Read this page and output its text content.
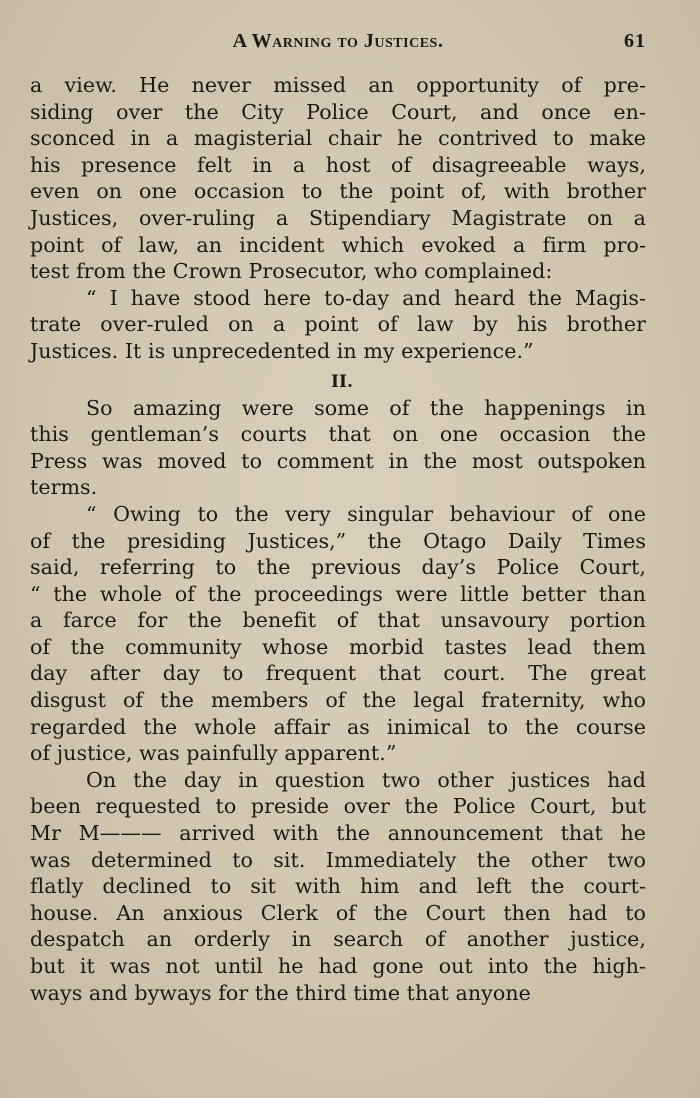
A Warning to Justices.	61
a view. He never missed an opportunity of pre-
siding over the City Police Court, and once en-
sconced in a magisterial chair he contrived to make
his presence felt in a host of disagreeable ways,
even on one occasion to the point of, with brother
Justices, over-ruling a Stipendiary Magistrate on a
point of law, an incident which evoked a firm pro-
test from the Crown Prosecutor, who complained:
“ I have stood here to-day and heard the Magis-
trate over-ruled on a point of law by his brother
Justices. It is unprecedented in my experience.”
II.
So amazing were some of the happenings in
this gentleman’s courts that on one occasion the
Press was moved to comment in the most outspoken
terms.
“ Owing to the very singular behaviour of one
of the presiding Justices,” the Otago Daily Times
said, referring to the previous day’s Police Court,
“ the whole of the proceedings were little better than
a farce for the benefit of that unsavoury portion
of the community whose morbid tastes lead them
day after day to frequent that court. The great
disgust of the members of the legal fraternity, who
regarded the whole affair as inimical to the course
of justice, was painfully apparent.”
On the day in question two other justices had
been requested to preside over the Police Court, but
Mr M——— arrived with the announcement that he
was determined to sit. Immediately the other two
flatly declined to sit with him and left the court-
house. An anxious Clerk of the Court then had to
despatch an orderly in search of another justice,
but it was not until he had gone out into the high-
ways and byways for the third time that anyone
